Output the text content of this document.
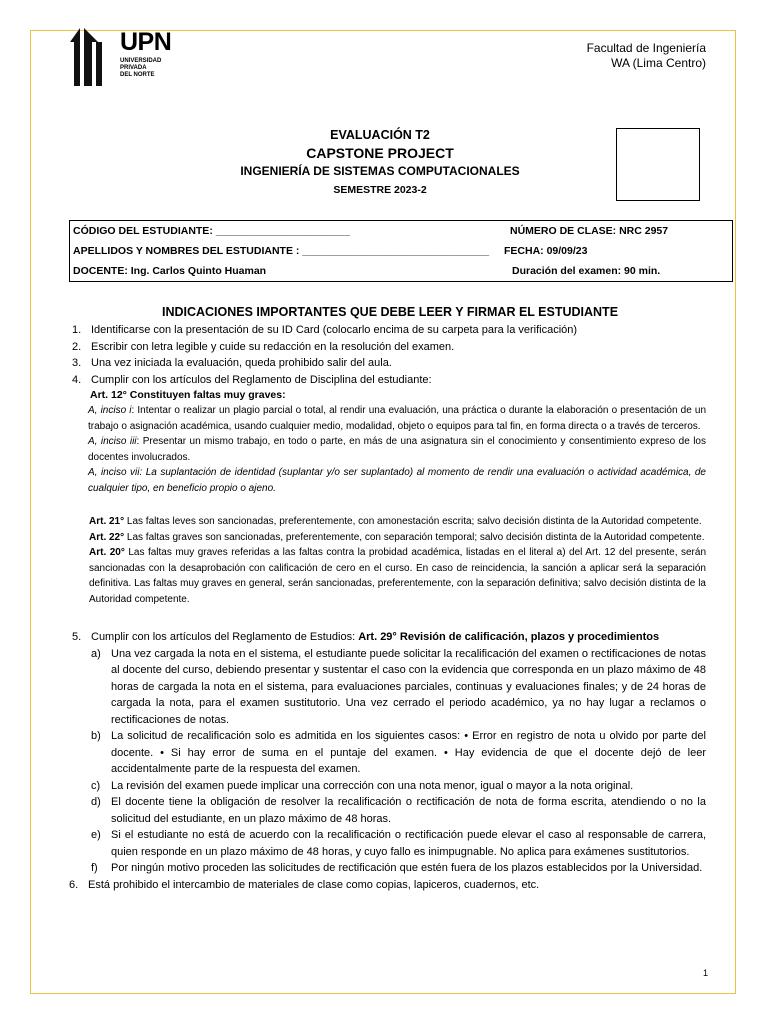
UPN
UNIVERSIDAD
PRIVADA
DEL NORTE
Facultad de Ingeniería
WA (Lima Centro)
EVALUACIÓN T2
CAPSTONE PROJECT
INGENIERÍA DE SISTEMAS COMPUTACIONALES
SEMESTRE 2023-2
CÓDIGO DEL ESTUDIANTE: _______________________	NÚMERO DE CLASE: NRC 2957
APELLIDOS Y NOMBRES DEL ESTUDIANTE : ________________________________ FECHA: 09/09/23
DOCENTE: Ing. Carlos Quinto Huaman	Duración del examen: 90 min.
INDICACIONES IMPORTANTES QUE DEBE LEER Y FIRMAR EL ESTUDIANTE
1. Identificarse con la presentación de su ID Card (colocarlo encima de su carpeta para la verificación)
2. Escribir con letra legible y cuide su redacción en la resolución del examen.
3. Una vez iniciada la evaluación, queda prohibido salir del aula.
4. Cumplir con los artículos del Reglamento de Disciplina del estudiante:
Art. 12° Constituyen faltas muy graves:
A, inciso i: Intentar o realizar un plagio parcial o total, al rendir una evaluación, una práctica o durante la elaboración o presentación de un trabajo o asignación académica, usando cualquier medio, modalidad, objeto o equipos para tal fin, en forma directa o a través de terceros.
A, inciso iii: Presentar un mismo trabajo, en todo o parte, en más de una asignatura sin el conocimiento y consentimiento expreso de los docentes involucrados.
A, inciso vii: La suplantación de identidad (suplantar y/o ser suplantado) al momento de rendir una evaluación o actividad académica, de cualquier tipo, en beneficio propio o ajeno.
Art. 21° Las faltas leves son sancionadas, preferentemente, con amonestación escrita; salvo decisión distinta de la Autoridad competente.
Art. 22° Las faltas graves son sancionadas, preferentemente, con separación temporal; salvo decisión distinta de la Autoridad competente.
Art. 20° Las faltas muy graves referidas a las faltas contra la probidad académica, listadas en el literal a) del Art. 12 del presente, serán sancionadas con la desaprobación con calificación de cero en el curso. En caso de reincidencia, la sanción a aplicar será la separación definitiva. Las faltas muy graves en general, serán sancionadas, preferentemente, con la separación definitiva; salvo decisión distinta de la Autoridad competente.
5. Cumplir con los artículos del Reglamento de Estudios: Art. 29° Revisión de calificación, plazos y procedimientos
a) Una vez cargada la nota en el sistema, el estudiante puede solicitar la recalificación del examen o rectificaciones de notas al docente del curso, debiendo presentar y sustentar el caso con la evidencia que corresponda en un plazo máximo de 48 horas de cargada la nota en el sistema, para evaluaciones parciales, continuas y evaluaciones finales; y de 24 horas de cargada la nota, para el examen sustitutorio. Una vez cerrado el periodo académico, ya no hay lugar a reclamos o rectificaciones de notas.
b) La solicitud de recalificación solo es admitida en los siguientes casos: • Error en registro de nota u olvido por parte del docente. • Si hay error de suma en el puntaje del examen. • Hay evidencia de que el docente dejó de leer accidentalmente parte de la respuesta del examen.
c) La revisión del examen puede implicar una corrección con una nota menor, igual o mayor a la nota original.
d) El docente tiene la obligación de resolver la recalificación o rectificación de nota de forma escrita, atendiendo o no la solicitud del estudiante, en un plazo máximo de 48 horas.
e) Si el estudiante no está de acuerdo con la recalificación o rectificación puede elevar el caso al responsable de carrera, quien responde en un plazo máximo de 48 horas, y cuyo fallo es inimpugnable. No aplica para exámenes sustitutorios.
f) Por ningún motivo proceden las solicitudes de rectificación que estén fuera de los plazos establecidos por la Universidad.
6. Está prohibido el intercambio de materiales de clase como copias, lapiceros, cuadernos, etc.
1
